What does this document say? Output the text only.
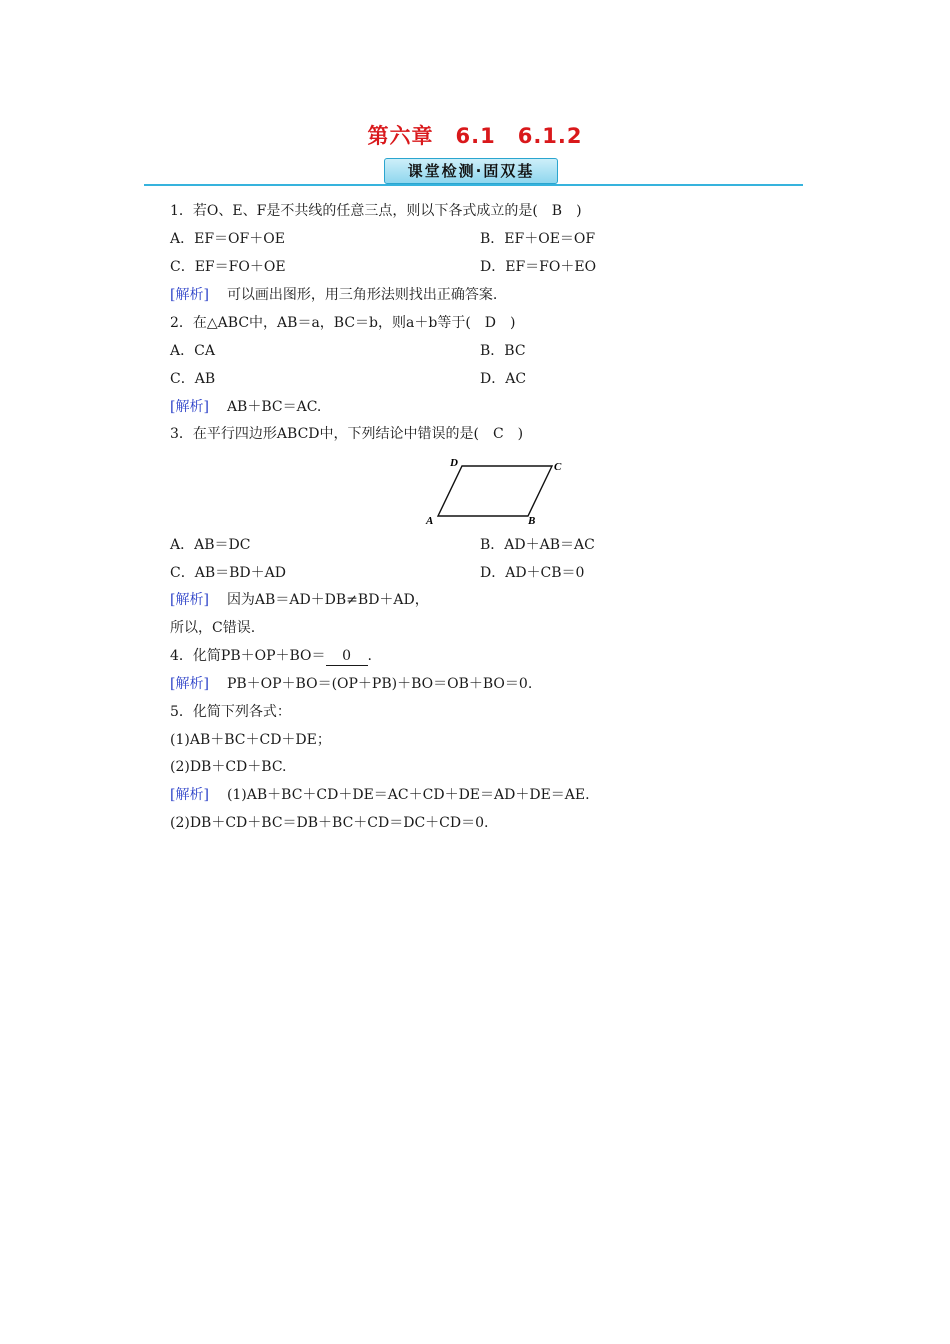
第六章 6.1 6.1.2
课堂检测·固双基
1．若O、E、F是不共线的任意三点，则以下各式成立的是(　B　)
A．EF＝OF＋OE	B．EF＋OE＝OF
C．EF＝FO＋OE	D．EF＝FO＋EO
[解析] 可以画出图形，用三角形法则找出正确答案.
2．在△ABC中，AB＝a，BC＝b，则a＋b等于(　D　)
A．CA	B．BC
C．AB	D．AC
[解析] AB＋BC＝AC.
3．在平行四边形ABCD中，下列结论中错误的是(　C　)
A	B
C
D
A．AB＝DC	B．AD＋AB＝AC
C．AB＝BD＋AD	D．AD＋CB＝0
[解析] 因为AB＝AD＋DB≠BD＋AD，
所以，C错误.
4．化简PB＋OP＋BO＝ 0 .
[解析] PB＋OP＋BO＝(OP＋PB)＋BO＝OB＋BO＝0.
5．化简下列各式：
(1)AB＋BC＋CD＋DE；
(2)DB＋CD＋BC.
[解析] (1)AB＋BC＋CD＋DE＝AC＋CD＋DE＝AD＋DE＝AE.
(2)DB＋CD＋BC＝DB＋BC＋CD＝DC＋CD＝0.
